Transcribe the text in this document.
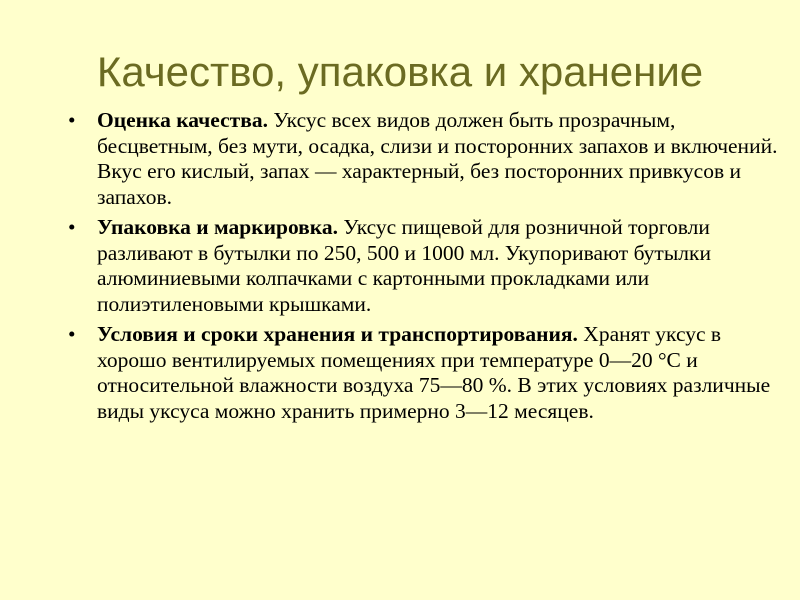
Качество, упаковка и хранение
• Оценка качества. Уксус всех видов должен быть прозрачным, бесцветным, без мути, осадка, слизи и посторонних запахов и включений. Вкус его кислый, запах — характерный, без посторонних привкусов и запахов.
• Упаковка и маркировка. Уксус пищевой для розничной торговли разливают в бутылки по 250, 500 и 1000 мл. Укупоривают бутылки алюминиевыми колпачками с картонными прокладками или полиэтиленовыми крышками.
• Условия и сроки хранения и транспортирования. Хранят уксус в хорошо вентилируемых помещениях при температуре 0—20 °С и относительной влажности воздуха 75—80 %. В этих условиях различные виды уксуса можно хранить примерно 3—12 месяцев.
